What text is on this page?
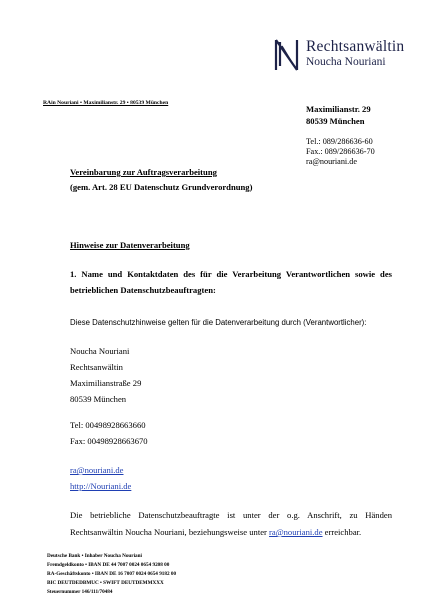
Rechtsanwältin
Noucha Nouriani
RAin Nouriani • Maximilianstr. 29 • 80539 München
Maximilianstr. 29
80539 München
Tel.: 089/286636-60
Fax.: 089/286636-70
ra@nouriani.de
Vereinbarung zur Auftragsverarbeitung
(gem. Art. 28 EU Datenschutz Grundverordnung)
Hinweise zur Datenverarbeitung
1. Name und Kontaktdaten des für die Verarbeitung Verantwortlichen sowie des
betrieblichen Datenschutzbeauftragten:
Diese Datenschutzhinweise gelten für die Datenverarbeitung durch (Verantwortlicher):
Noucha Nouriani
Rechtsanwältin
Maximilianstraße 29
80539 München
Tel: 00498928663660
Fax: 00498928663670
ra@nouriani.de
http://Nouriani.de
Die betriebliche Datenschutzbeauftragte ist unter der o.g. Anschrift, zu Händen
Rechtsanwältin Noucha Nouriani, beziehungsweise unter ra@nouriani.de erreichbar.
Deutsche Bank • Inhaber Noucha Nouriani
Fremdgeldkonto • IBAN DE 44 7007 0024 0654 9208 00
RA-Geschäftskonto • IBAN DE 16 7007 0024 0654 9182 00
BIC DEUTDEDBMUC • SWIFT DEUTDEMMXXX
Steuernummer 146/111/70484
